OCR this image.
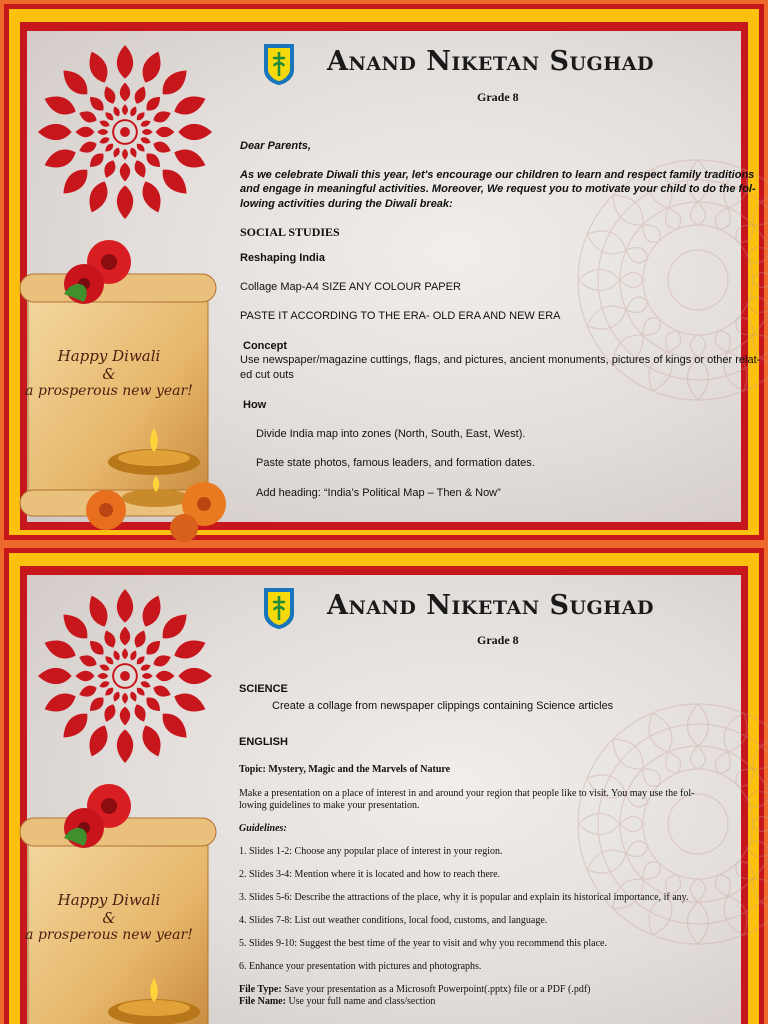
Happy Diwali
&
a prosperous new year!
Anand Niketan Sughad
Grade 8
Dear Parents,
As we celebrate Diwali this year, let's encourage our children to learn and respect family traditions
and engage in meaningful activities. Moreover, We request you to motivate your child to do the fol-
lowing activities during the Diwali break:
SOCIAL STUDIES
Reshaping India
Collage Map-A4 SIZE ANY COLOUR PAPER
PASTE IT ACCORDING TO THE ERA- OLD ERA AND NEW ERA
Concept
Use newspaper/magazine cuttings, flags, and pictures, ancient monuments, pictures of kings or other relat-
ed cut outs
How
Divide India map into zones (North, South, East, West).
Paste state photos, famous leaders, and formation dates.
Add heading: “India’s Political Map – Then & Now”
Happy Diwali
&
a prosperous new year!
Anand Niketan Sughad
Grade 8
SCIENCE
Create a collage from newspaper clippings containing Science articles
ENGLISH
Topic: Mystery, Magic and the Marvels of Nature
Make a presentation on a place of interest in and around your region that people like to visit. You may use the fol-
lowing guidelines to make your presentation.
Guidelines:
1. Slides 1-2: Choose any popular place of interest in your region.
2. Slides 3-4: Mention where it is located and how to reach there.
3. Slides 5-6: Describe the attractions of the place, why it is popular and explain its historical importance, if any.
4. Slides 7-8: List out weather conditions, local food, customs, and language.
5. Slides 9-10: Suggest the best time of the year to visit and why you recommend this place.
6. Enhance your presentation with pictures and photographs.
File Type: Save your presentation as a Microsoft Powerpoint(.pptx) file or a PDF (.pdf)
File Name: Use your full name and class/section
